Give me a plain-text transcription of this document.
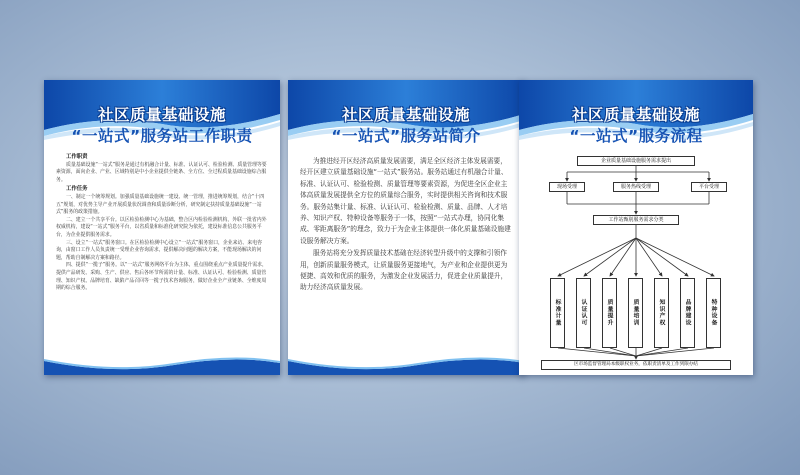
社区质量基础设施
“一站式”服务站工作职责
工作职责

质量基础设施“一站式”服务是通过有机融合计量、标准、认证认可、检验检测、质量管理等要素资源，面向企业、产业、区域特别是中小企业提供全链条、全方位、全过程质量基础设施综合服务。

工作任务

一、制定一个统筹规划。加强质量基础设施统一建设、统一管理，推进统筹规划，结合“十四五”规划，对优势主导产业开展质量状况调查和质量诊断分析，研究制定扶持质量基础设施“一站式”服务的政策措施。

二、建立一个共享平台。以区检验检测中心为基础，整合区内检验检测机构，外联一批省内外权威机构，建设“一站式”服务平台，以省质量和标准化研究院为依托，建设标准信息公共服务平台，为企业提供服务需求。

三、设立“一站式”服务窗口。在区检验检测中心设立“一站式”服务窗口，企业来访、来电咨询，由窗口工作人员负责统一受理企业咨询需求，提供解决问题的解决方案，不能现场解决的问题，帮助自制解决方案和路径。

四、提供“一揽子”服务。以“一站式”服务网络平台为主体，重点围绕重点产业质量提升需求，提供产品研发、采购、生产、供应、售后各环节所需的计量、标准、认证认可、检验检测、质量管理、知识产权、品牌培育、缺陷产品召回等一揽子技术咨询服务，做好企业全产业链条、全维度周期的综合服务。

社区质量基础设施
“一站式”服务站简介

为推进经开区经济高质量发展需要，满足全区经济主体发展需要，经开区建立质量基础设施“一站式”服务站。服务站通过有机融合计量、标准、认证认可、检验检测、质量管理等要素资源，为促进全区企业主体高质量发展提供全方位的质量综合服务，实时提供相关咨询和技术服务。服务站集计量、标准、认证认可、检验检测、质量、品牌、人才培养、知识产权、特种设备等服务于一体，按照“一站式办理，协同化集成、零距离服务”的理念，致力于为企业主体提供一体化质量基础设施建设服务解决方案。

服务站将充分发挥质量技术基础在经济转型升级中的支撑和引领作用，创新质量服务模式，让质量服务更接地气，为产业和企业提供更为便捷、高效和优质的服务，为激发企业发展活力，促进企业质量提升，助力经济高质量发展。

社区质量基础设施
“一站式”服务流程
企业质量基础设施服务需求提出
现场受理	服务热线受理	平台受理
工作站甄别服务需求分类
标准计量	认证认可	质量提升	质量培训	知识产权	品牌建设	特种设备
区市场监督管理局本级职权业务，依职责清单及工作到限办结
